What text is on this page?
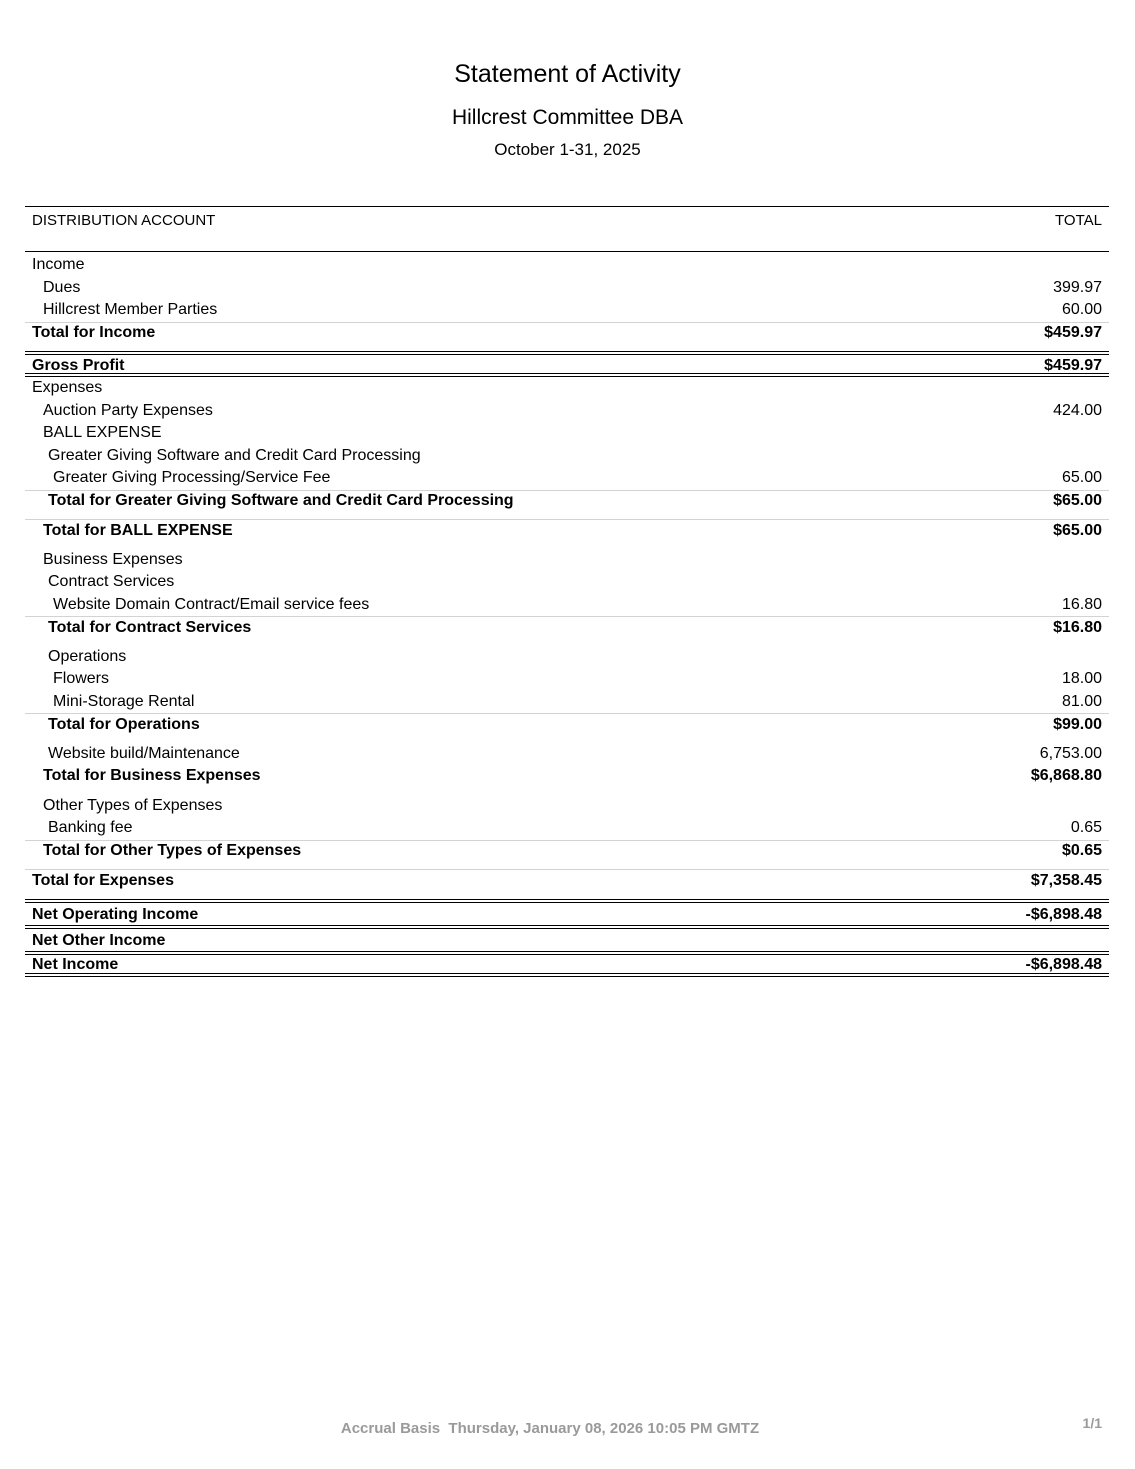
Statement of Activity
Hillcrest Committee DBA
October 1-31, 2025
DISTRIBUTION ACCOUNT	TOTAL
Income
Dues	399.97
Hillcrest Member Parties	60.00
Total for Income	$459.97
Gross Profit	$459.97
Expenses
Auction Party Expenses	424.00
BALL EXPENSE
Greater Giving Software and Credit Card Processing
Greater Giving Processing/Service Fee	65.00
Total for Greater Giving Software and Credit Card Processing	$65.00
Total for BALL EXPENSE	$65.00
Business Expenses
Contract Services
Website Domain Contract/Email service fees	16.80
Total for Contract Services	$16.80
Operations
Flowers	18.00
Mini-Storage Rental	81.00
Total for Operations	$99.00
Website build/Maintenance	6,753.00
Total for Business Expenses	$6,868.80
Other Types of Expenses
Banking fee	0.65
Total for Other Types of Expenses	$0.65
Total for Expenses	$7,358.45
Net Operating Income	-$6,898.48
Net Other Income
Net Income	-$6,898.48
Accrual Basis  Thursday, January 08, 2026 10:05 PM GMTZ	1/1
